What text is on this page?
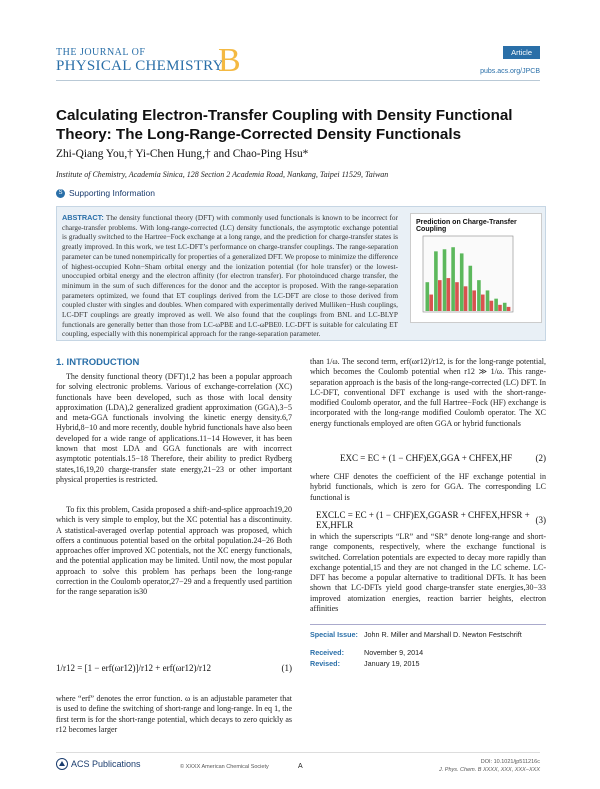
THE JOURNAL OF
PHYSICAL CHEMISTRY
B	Article
pubs.acs.org/JPCB
Calculating Electron-Transfer Coupling with Density Functional Theory: The Long-Range-Corrected Density Functionals
Zhi-Qiang You,† Yi-Chen Hung,† and Chao-Ping Hsu*
Institute of Chemistry, Academia Sinica, 128 Section 2 Academia Road, Nankang, Taipei 11529, Taiwan
S Supporting Information
ABSTRACT: The density functional theory (DFT) with commonly used functionals is known to be incorrect for charge-transfer problems. With long-range-corrected (LC) density functionals, the asymptotic exchange potential is gradually switched to the Hartree−Fock exchange at a long range, and the prediction for charge-transfer states is greatly improved. In this work, we test LC-DFT’s performance on charge-transfer couplings. The range-separation parameter can be tuned nonempirically for properties of a generalized DFT. We propose to minimize the difference of highest-occupied Kohn−Sham orbital energy and the ionization potential (for hole transfer) or the lowest-unoccupied orbital energy and the electron affinity (for electron transfer). For photoinduced charge transfer, the minimum in the sum of such differences for the donor and the acceptor is proposed. With the range-separation parameters optimized, we found that ET couplings derived from the LC-DFT are close to those derived from coupled cluster with singles and doubles. When compared with experimentally derived Mulliken−Hush couplings, LC-DFT couplings are greatly improved as well. We also found that the couplings from BNL and LC-BLYP functionals are generally better than those from LC-ωPBE and LC-ωPBE0. LC-DFT is suitable for calculating ET coupling, especially with this nonempirical approach for the range-separation parameter.
Prediction on Charge-Transfer Coupling
1. INTRODUCTION
The density functional theory (DFT)1,2 has been a popular approach for solving electronic problems. Various of exchange-correlation (XC) functionals have been developed, such as those with local density approximation (LDA),2 generalized gradient approximation (GGA),3−5 and meta-GGA functionals involving the kinetic energy density.6,7 Hybrid,8−10 and more recently, double hybrid functionals have also been developed for a wide range of applications.11−14 However, it has been known that most LDA and GGA functionals are with incorrect asymptotic potentials.15−18 Therefore, their ability to predict Rydberg states,16,19,20 charge-transfer state energy,21−23 or other important physical properties is restricted.
To fix this problem, Casida proposed a shift-and-splice approach19,20 which is very simple to employ, but the XC potential has a discontinuity. A statistical-averaged overlap potential approach was proposed, which offers a continuous potential based on the orbital population.24−26 Both approaches offer improved XC potentials, not the XC energy functionals, and the potential application may be limited. Until now, the most popular approach to solve this problem has perhaps been the long-range correction in the Coulomb operator,27−29 and a frequently used partition for the range separation is30
1/r12 = [1 − erf(ωr12)]/r12 + erf(ωr12)/r12	(1)
where “erf” denotes the error function. ω is an adjustable parameter that is used to define the switching of short-range and long-range. In eq 1, the first term is for the short-range potential, which decays to zero quickly as r12 becomes larger
than 1/ω. The second term, erf(ωr12)/r12, is for the long-range potential, which becomes the Coulomb potential when r12 ≫ 1/ω. This range-separation approach is the basis of the long-range-corrected (LC) DFT. In LC-DFT, conventional DFT exchange is used with the short-range-modified Coulomb operator, and the full Hartree−Fock (HF) exchange is incorporated with the long-range modified Coulomb operator. The XC energy functionals employed are often GGA or hybrid functionals
EXC = EC + (1 − CHF)EX,GGA + CHFEX,HF	(2)
where CHF denotes the coefficient of the HF exchange potential in hybrid functionals, which is zero for GGA. The corresponding LC functional is
EXCLC = EC + (1 − CHF)EX,GGASR + CHFEX,HFSR + EX,HFLR	(3)
in which the superscripts “LR” and “SR” denote long-range and short-range components, respectively, where the exchange functional is switched. Correlation potentials are expected to decay more rapidly than exchange potential,15 and they are not changed in the LC scheme. LC-DFT has become a popular alternative to traditional DFTs. It has been shown that LC-DFTs yield good charge-transfer state energies,30−33 improved atomization energies, reaction barrier heights, electron affinities
Special Issue: John R. Miller and Marshall D. Newton Festschrift
Received:	November 9, 2014
Revised:	January 19, 2015
ACS Publications	© XXXX American Chemical Society	A
DOI: 10.1021/jp511216c
J. Phys. Chem. B XXXX, XXX, XXX−XXX
